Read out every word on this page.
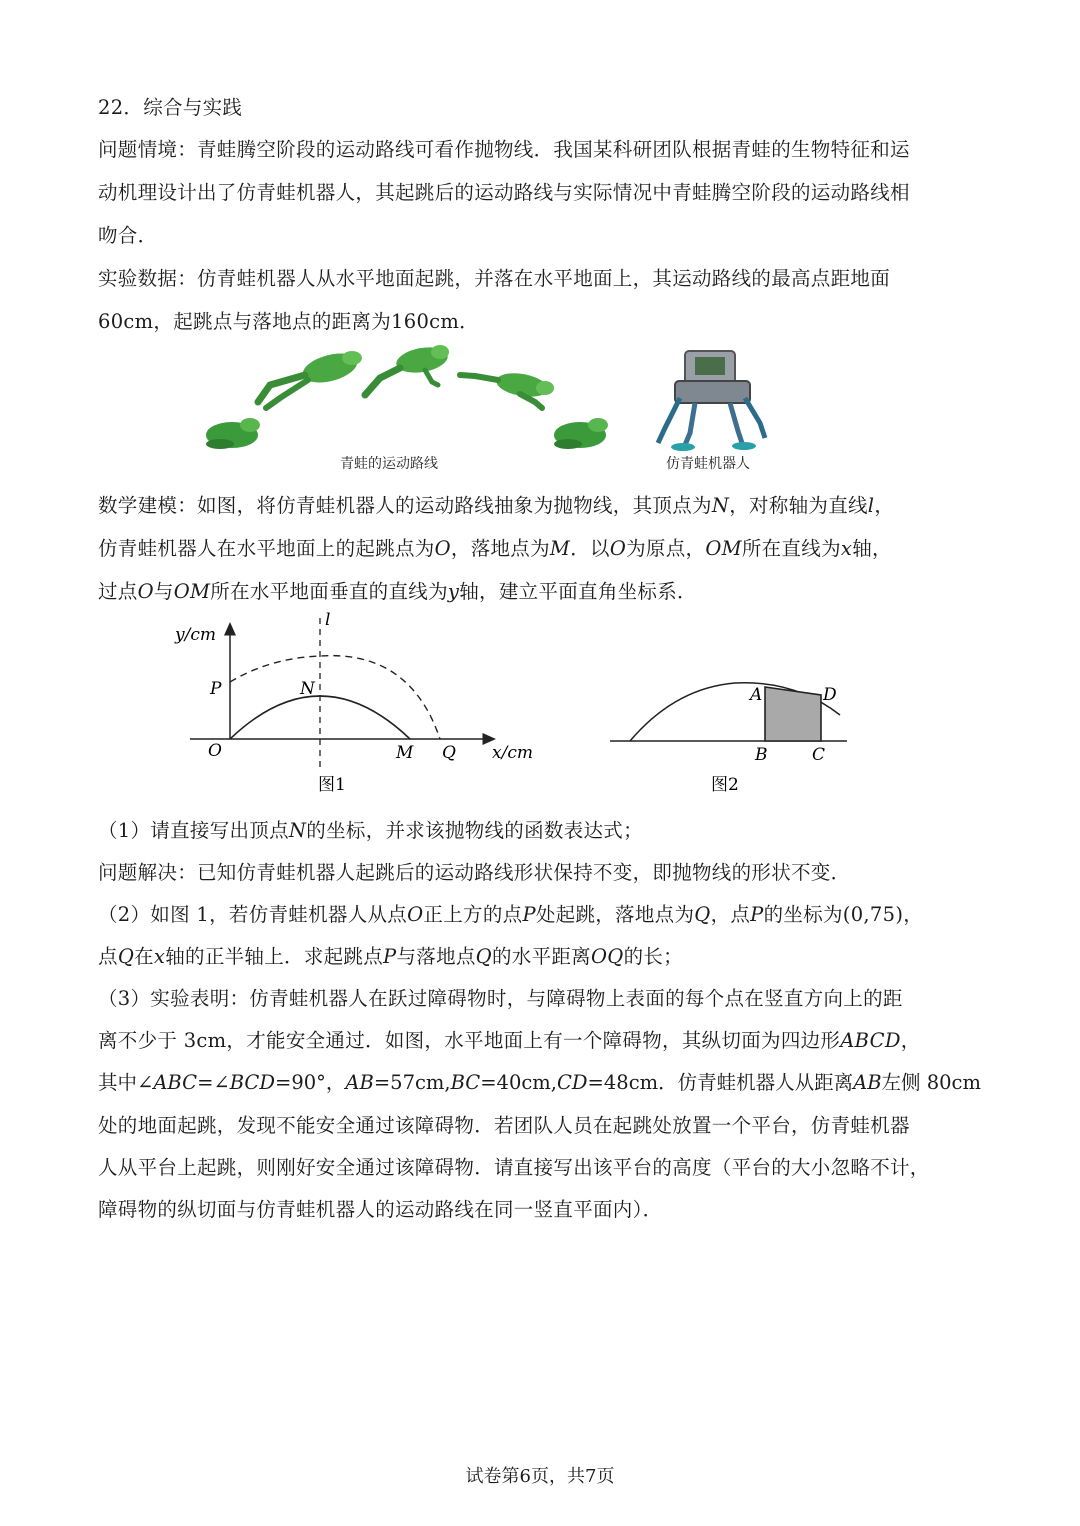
22．综合与实践
问题情境：青蛙腾空阶段的运动路线可看作抛物线．我国某科研团队根据青蛙的生物特征和运
动机理设计出了仿青蛙机器人，其起跳后的运动路线与实际情况中青蛙腾空阶段的运动路线相
吻合．
实验数据：仿青蛙机器人从水平地面起跳，并落在水平地面上，其运动路线的最高点距地面
60cm，起跳点与落地点的距离为160cm．
青蛙的运动路线	仿青蛙机器人
数学建模：如图，将仿青蛙机器人的运动路线抽象为抛物线，其顶点为N，对称轴为直线l，
仿青蛙机器人在水平地面上的起跳点为O，落地点为M．以O为原点，OM所在直线为x轴，
过点O与OM所在水平地面垂直的直线为y轴，建立平面直角坐标系．
y/cm
l
P	N
O	M Q x/cm
图1
A	D
B	C
图2
（1）请直接写出顶点N的坐标，并求该抛物线的函数表达式；
问题解决：已知仿青蛙机器人起跳后的运动路线形状保持不变，即抛物线的形状不变．
（2）如图 1，若仿青蛙机器人从点O正上方的点P处起跳，落地点为Q，点P的坐标为(0,75)，
点Q在x轴的正半轴上．求起跳点P与落地点Q的水平距离OQ的长；
（3）实验表明：仿青蛙机器人在跃过障碍物时，与障碍物上表面的每个点在竖直方向上的距
离不少于 3cm，才能安全通过．如图，水平地面上有一个障碍物，其纵切面为四边形ABCD，
其中∠ABC=∠BCD=90°，AB=57cm,BC=40cm,CD=48cm．仿青蛙机器人从距离AB左侧 80cm
处的地面起跳，发现不能安全通过该障碍物．若团队人员在起跳处放置一个平台，仿青蛙机器
人从平台上起跳，则刚好安全通过该障碍物．请直接写出该平台的高度（平台的大小忽略不计，
障碍物的纵切面与仿青蛙机器人的运动路线在同一竖直平面内）．
试卷第6页，共7页
